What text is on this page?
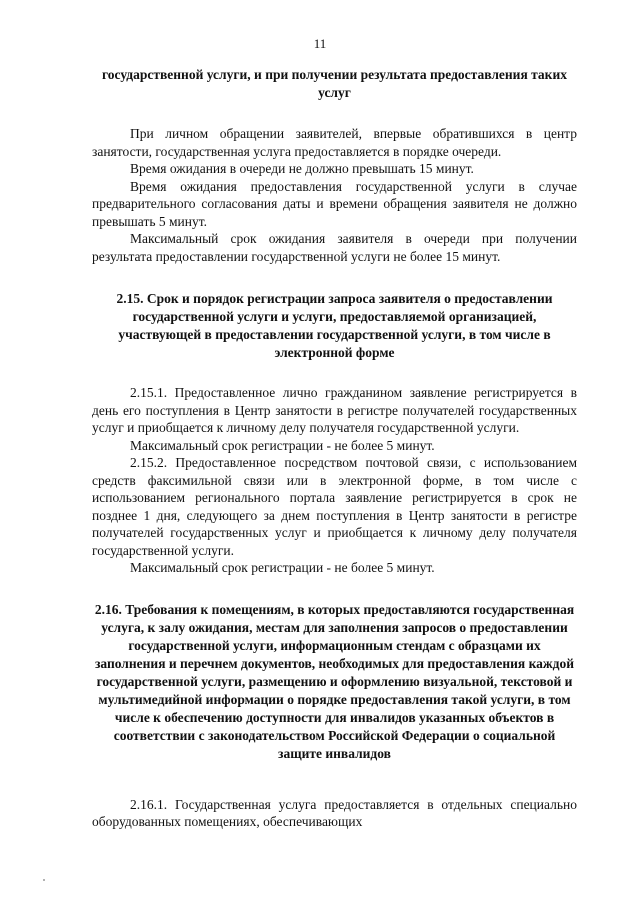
11
государственной услуги, и при получении результата предоставления таких услуг
При личном обращении заявителей, впервые обратившихся в центр занятости, государственная услуга предоставляется в порядке очереди.
Время ожидания в очереди не должно превышать 15 минут.
Время ожидания предоставления государственной услуги в случае предварительного согласования даты и времени обращения заявителя не должно превышать 5 минут.
Максимальный срок ожидания заявителя в очереди при получении результата предоставлении государственной услуги не более 15 минут.
2.15. Срок и порядок регистрации запроса заявителя о предоставлении государственной услуги и услуги, предоставляемой организацией, участвующей в предоставлении государственной услуги, в том числе в электронной форме
2.15.1. Предоставленное лично гражданином заявление регистрируется в день его поступления в Центр занятости в регистре получателей государственных услуг и приобщается к личному делу получателя государственной услуги.
Максимальный срок регистрации - не более 5 минут.
2.15.2. Предоставленное посредством почтовой связи, с использованием средств факсимильной связи или в электронной форме, в том числе с использованием регионального портала заявление регистрируется в срок не позднее 1 дня, следующего за днем поступления в Центр занятости в регистре получателей государственных услуг и приобщается к личному делу получателя государственной услуги.
Максимальный срок регистрации - не более 5 минут.
2.16. Требования к помещениям, в которых предоставляются государственная услуга, к залу ожидания, местам для заполнения запросов о предоставлении государственной услуги, информационным стендам с образцами их заполнения и перечнем документов, необходимых для предоставления каждой государственной услуги, размещению и оформлению визуальной, текстовой и мультимедийной информации о порядке предоставления такой услуги, в том числе к обеспечению доступности для инвалидов указанных объектов в соответствии с законодательством Российской Федерации о социальной защите инвалидов
2.16.1. Государственная услуга предоставляется в отдельных специально оборудованных помещениях, обеспечивающих
